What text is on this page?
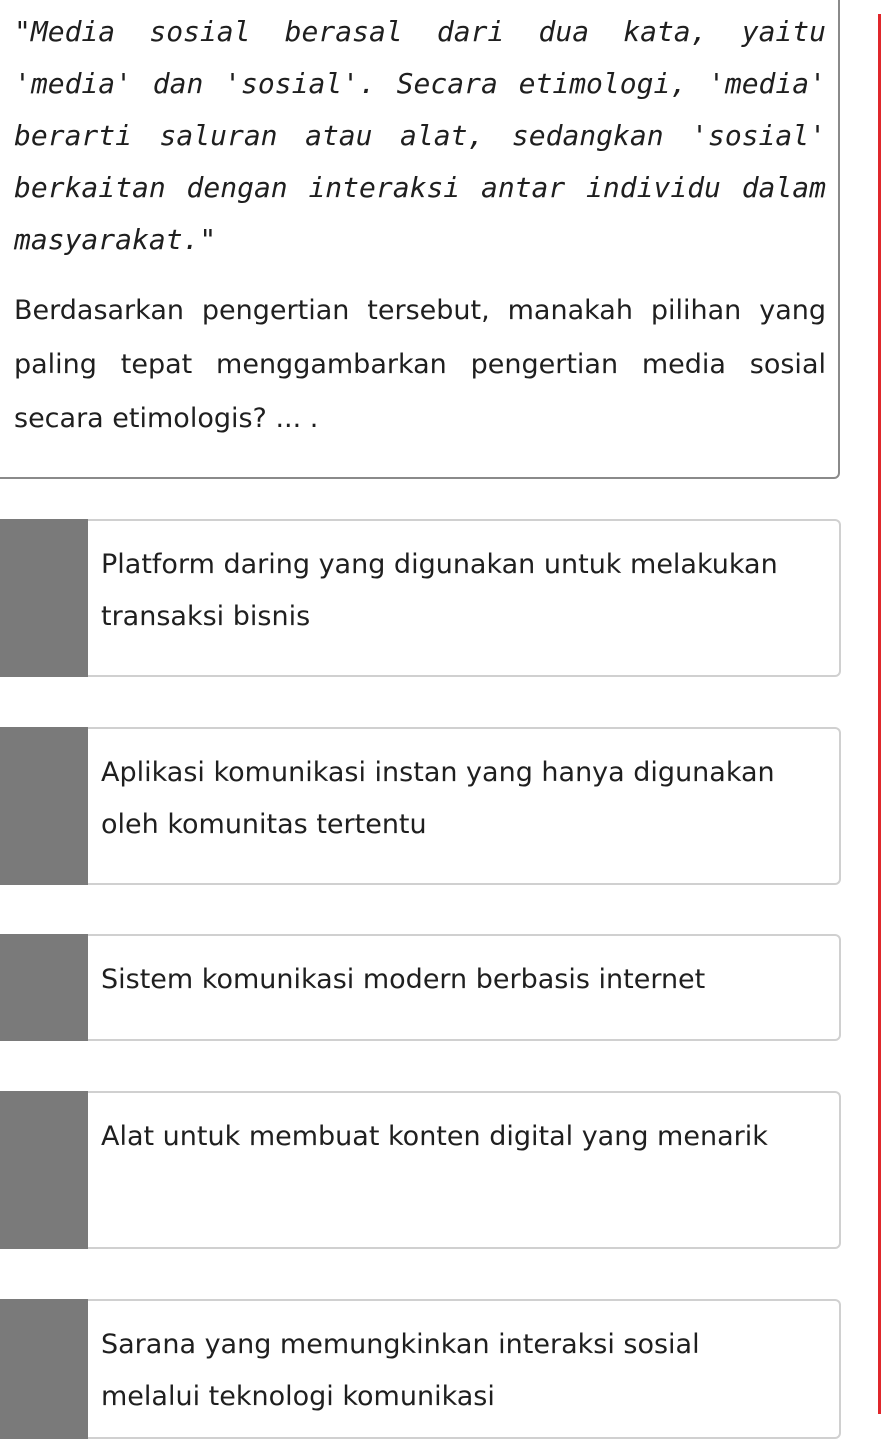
"Media sosial berasal dari dua kata, yaitu 'media' dan 'sosial'. Secara etimologi, 'media' berarti saluran atau alat, sedangkan 'sosial' berkaitan dengan interaksi antar individu dalam masyarakat."

Berdasarkan pengertian tersebut, manakah pilihan yang paling tepat menggambarkan pengertian media sosial secara etimologis? ... .

Platform daring yang digunakan untuk melakukan transaksi bisnis

Aplikasi komunikasi instan yang hanya digunakan oleh komunitas tertentu

Sistem komunikasi modern berbasis internet

Alat untuk membuat konten digital yang menarik

Sarana yang memungkinkan interaksi sosial melalui teknologi komunikasi
